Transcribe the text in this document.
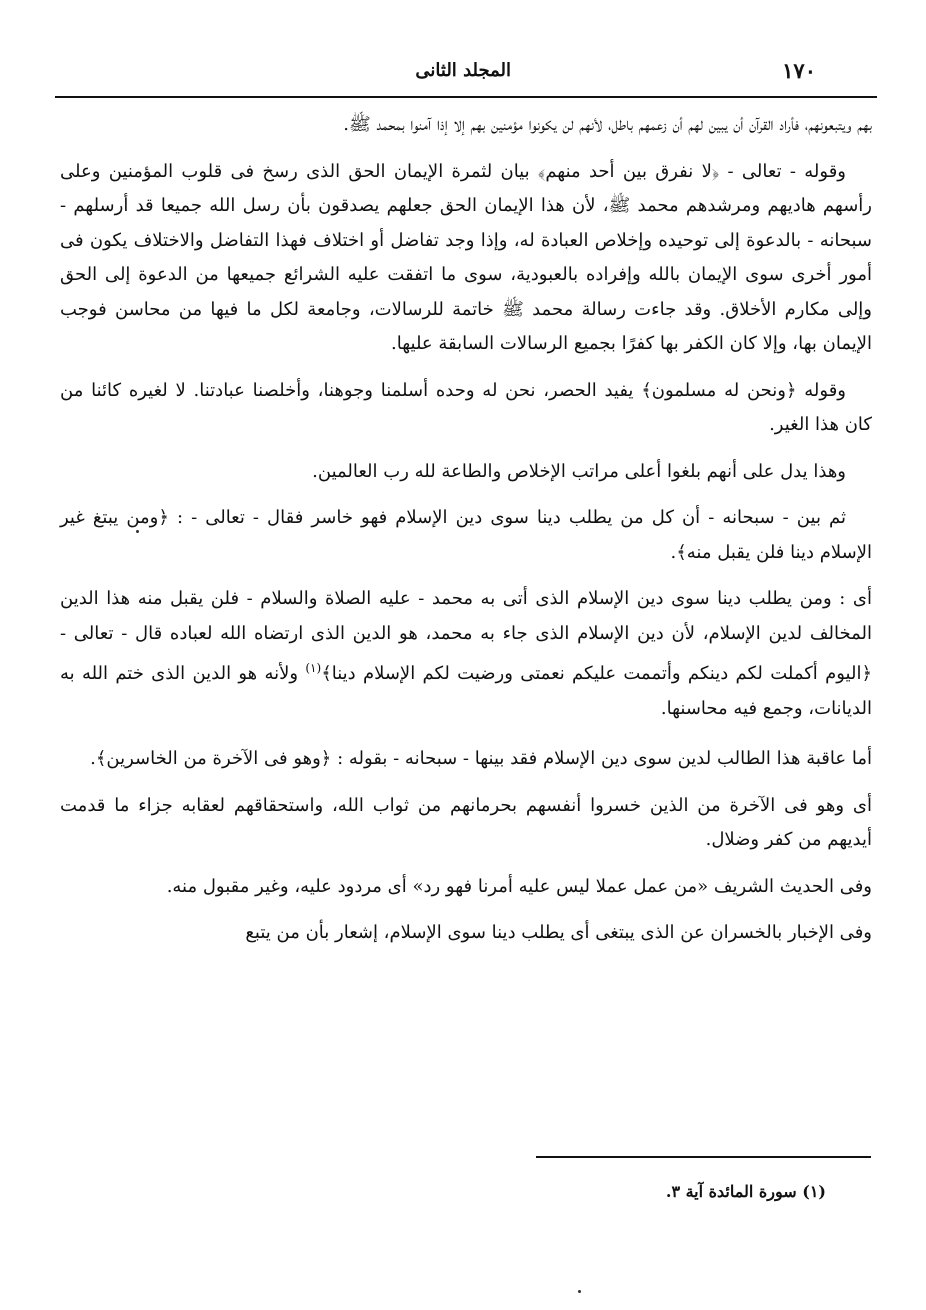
١٧٠
المجلد الثانى

بهم ويتبعونهم، فأراد القرآن أن يبين لهم أن زعمهم باطل، لأنهم لن يكونوا مؤمنين بهم إلا إذا آمنوا بمحمد ﷺ.

وقوله - تعالى - ﴿لا نفرق بين أحد منهم﴾ بيان لثمرة الإيمان الحق الذى رسخ فى قلوب المؤمنين وعلى رأسهم هاديهم ومرشدهم محمد ﷺ، لأن هذا الإيمان الحق جعلهم يصدقون بأن رسل الله جميعا قد أرسلهم - سبحانه - بالدعوة إلى توحيده وإخلاص العبادة له، وإذا وجد تفاضل أو اختلاف فهذا التفاضل والاختلاف يكون فى أمور أخرى سوى الإيمان بالله وإفراده بالعبودية، سوى ما اتفقت عليه الشرائع جميعها من الدعوة إلى الحق وإلى مكارم الأخلاق. وقد جاءت رسالة محمد ﷺ خاتمة للرسالات، وجامعة لكل ما فيها من محاسن فوجب الإيمان بها، وإلا كان الكفر بها كفرًا بجميع الرسالات السابقة عليها.

وقوله ﴿ونحن له مسلمون﴾ يفيد الحصر، نحن له وحده أسلمنا وجوهنا، وأخلصنا عبادتنا. لا لغيره كائنا من كان هذا الغير.

وهذا يدل على أنهم بلغوا أعلى مراتب الإخلاص والطاعة لله رب العالمين.

ثم بين - سبحانه - أن كل من يطلب دينا سوى دين الإسلام فهو خاسر فقال - تعالى - : ﴿ومن يبتغ غير الإسلام دينا فلن يقبل منه﴾.

أى : ومن يطلب دينا سوى دين الإسلام الذى أتى به محمد - عليه الصلاة والسلام - فلن يقبل منه هذا الدين المخالف لدين الإسلام، لأن دين الإسلام الذى جاء به محمد، هو الدين الذى ارتضاه الله لعباده قال - تعالى - ﴿اليوم أكملت لكم دينكم وأتممت عليكم نعمتى ورضيت لكم الإسلام دينا﴾$^{(١)}$ ولأنه هو الدين الذى ختم الله به الديانات، وجمع فيه محاسنها.

أما عاقبة هذا الطالب لدين سوى دين الإسلام فقد بينها - سبحانه - بقوله : ﴿وهو فى الآخرة من الخاسرين﴾.

أى وهو فى الآخرة من الذين خسروا أنفسهم بحرمانهم من ثواب الله، واستحقاقهم لعقابه جزاء ما قدمت أيديهم من كفر وضلال.

وفى الحديث الشريف «من عمل عملا ليس عليه أمرنا فهو رد» أى مردود عليه، وغير مقبول منه.

وفى الإخبار بالخسران عن الذى يبتغى أى يطلب دينا سوى الإسلام، إشعار بأن من يتبع

(١) سورة المائدة آية ٣.
